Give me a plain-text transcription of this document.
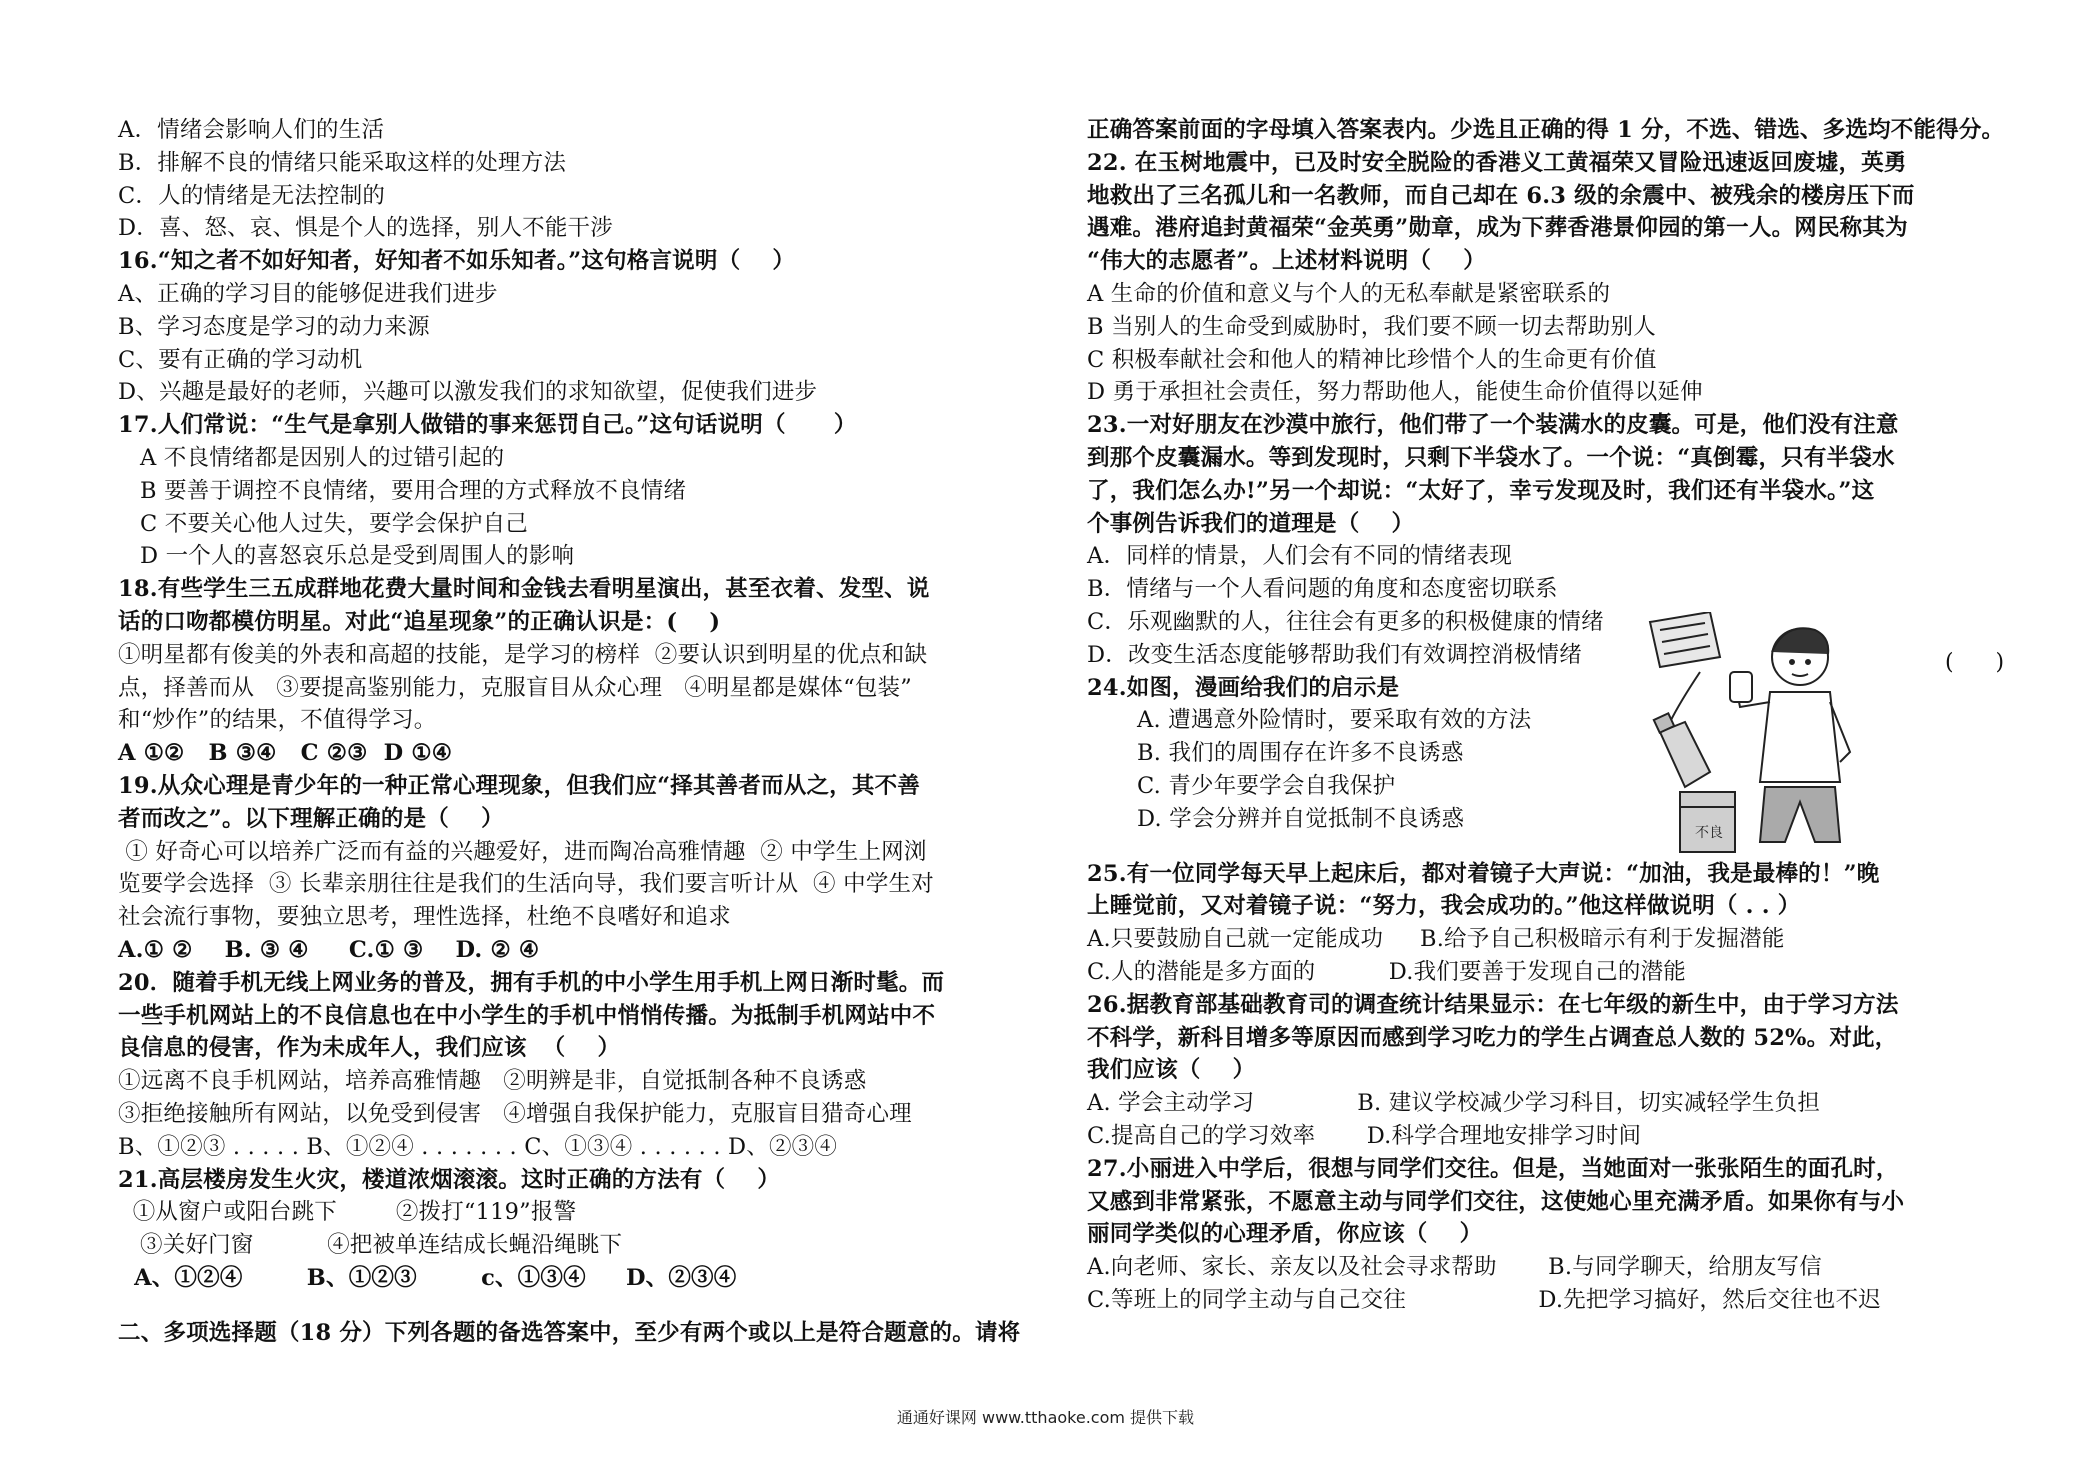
A．情绪会影响人们的生活
B．排解不良的情绪只能采取这样的处理方法
C．人的情绪是无法控制的
D．喜、怒、哀、惧是个人的选择，别人不能干涉
16.“知之者不如好知者，好知者不如乐知者。”这句格言说明（    ）
A、正确的学习目的能够促进我们进步
B、学习态度是学习的动力来源
C、要有正确的学习动机
D、兴趣是最好的老师，兴趣可以激发我们的求知欲望，促使我们进步
17.人们常说：“生气是拿别人做错的事来惩罚自己。”这句话说明（      ）
A 不良情绪都是因别人的过错引起的
B 要善于调控不良情绪，要用合理的方式释放不良情绪
C 不要关心他人过失，要学会保护自己
D 一个人的喜怒哀乐总是受到周围人的影响
18.有些学生三五成群地花费大量时间和金钱去看明星演出，甚至衣着、发型、说
话的口吻都模仿明星。对此“追星现象”的正确认识是：(    )
①明星都有俊美的外表和高超的技能，是学习的榜样  ②要认识到明星的优点和缺
点，择善而从   ③要提高鉴别能力，克服盲目从众心理   ④明星都是媒体“包装”
和“炒作”的结果，不值得学习。
A ①②   B ③④   C ②③  D ①④
19.从众心理是青少年的一种正常心理现象，但我们应“择其善者而从之，其不善
者而改之”。以下理解正确的是（    ）
① 好奇心可以培养广泛而有益的兴趣爱好，进而陶冶高雅情趣  ② 中学生上网浏
览要学会选择  ③ 长辈亲朋往往是我们的生活向导，我们要言听计从  ④ 中学生对
社会流行事物，要独立思考，理性选择，杜绝不良嗜好和追求
A.① ②    B. ③ ④     C.① ③    D. ② ④
20．随着手机无线上网业务的普及，拥有手机的中小学生用手机上网日渐时髦。而
一些手机网站上的不良信息也在中小学生的手机中悄悄传播。为抵制手机网站中不
良信息的侵害，作为未成年人，我们应该  （    ）
①远离不良手机网站，培养高雅情趣   ②明辨是非，自觉抵制各种不良诱惑
③拒绝接触所有网站，以免受到侵害   ④增强自我保护能力，克服盲目猎奇心理
B、①②③ . . . . . B、①②④ . . . . . . . C、①③④ . . . . . . D、②③④
21.高层楼房发生火灾，楼道浓烟滚滚。这时正确的方法有（    ）
①从窗户或阳台跳下        ②拨打“119”报警
③关好门窗          ④把被单连结成长蝇沿绳眺下
A、①②④        B、①②③        c、①③④     D、②③④
二、多项选择题（18 分）下列各题的备选答案中，至少有两个或以上是符合题意的。请将
正确答案前面的字母填入答案表内。少选且正确的得 1 分，不选、错选、多选均不能得分。
22. 在玉树地震中，已及时安全脱险的香港义工黄福荣又冒险迅速返回废墟，英勇
地救出了三名孤儿和一名教师，而自己却在 6.3 级的余震中、被残余的楼房压下而
遇难。港府追封黄福荣“金英勇”勋章，成为下葬香港景仰园的第一人。网民称其为
“伟大的志愿者”。上述材料说明（    ）
A 生命的价值和意义与个人的无私奉献是紧密联系的
B 当别人的生命受到威胁时，我们要不顾一切去帮助别人
C 积极奉献社会和他人的精神比珍惜个人的生命更有价值
D 勇于承担社会责任，努力帮助他人，能使生命价值得以延伸
23.一对好朋友在沙漠中旅行，他们带了一个装满水的皮囊。可是，他们没有注意
到那个皮囊漏水。等到发现时，只剩下半袋水了。一个说：“真倒霉，只有半袋水
了，我们怎么办!”另一个却说：“太好了，幸亏发现及时，我们还有半袋水。”这
个事例告诉我们的道理是（    ）
A．同样的情景，人们会有不同的情绪表现
B．情绪与一个人看问题的角度和态度密切联系
C．乐观幽默的人，往往会有更多的积极健康的情绪
D．改变生活态度能够帮助我们有效调控消极情绪
24.如图，漫画给我们的启示是
A. 遭遇意外险情时，要采取有效的方法
B. 我们的周围存在许多不良诱惑
C. 青少年要学会自我保护
D. 学会分辨并自觉抵制不良诱惑
25.有一位同学每天早上起床后，都对着镜子大声说：“加油，我是最棒的！”晚
上睡觉前，又对着镜子说：“努力，我会成功的。”他这样做说明（ . . ）
A.只要鼓励自己就一定能成功     B.给予自己积极暗示有利于发掘潜能
C.人的潜能是多方面的          D.我们要善于发现自己的潜能
26.据教育部基础教育司的调查统计结果显示：在七年级的新生中，由于学习方法
不科学，新科目增多等原因而感到学习吃力的学生占调查总人数的 52%。对此，
我们应该（    ）
A. 学会主动学习              B. 建议学校减少学习科目，切实减轻学生负担
C.提高自己的学习效率       D.科学合理地安排学习时间
27.小丽进入中学后，很想与同学们交往。但是，当她面对一张张陌生的面孔时，
又感到非常紧张，不愿意主动与同学们交往，这使她心里充满矛盾。如果你有与小
丽同学类似的心理矛盾，你应该（    ）
A.向老师、家长、亲友以及社会寻求帮助       B.与同学聊天，给朋友写信
C.等班上的同学主动与自己交往                  D.先把学习搞好，然后交往也不迟
(      )
不良
通通好课网 www.tthaoke.com 提供下载
